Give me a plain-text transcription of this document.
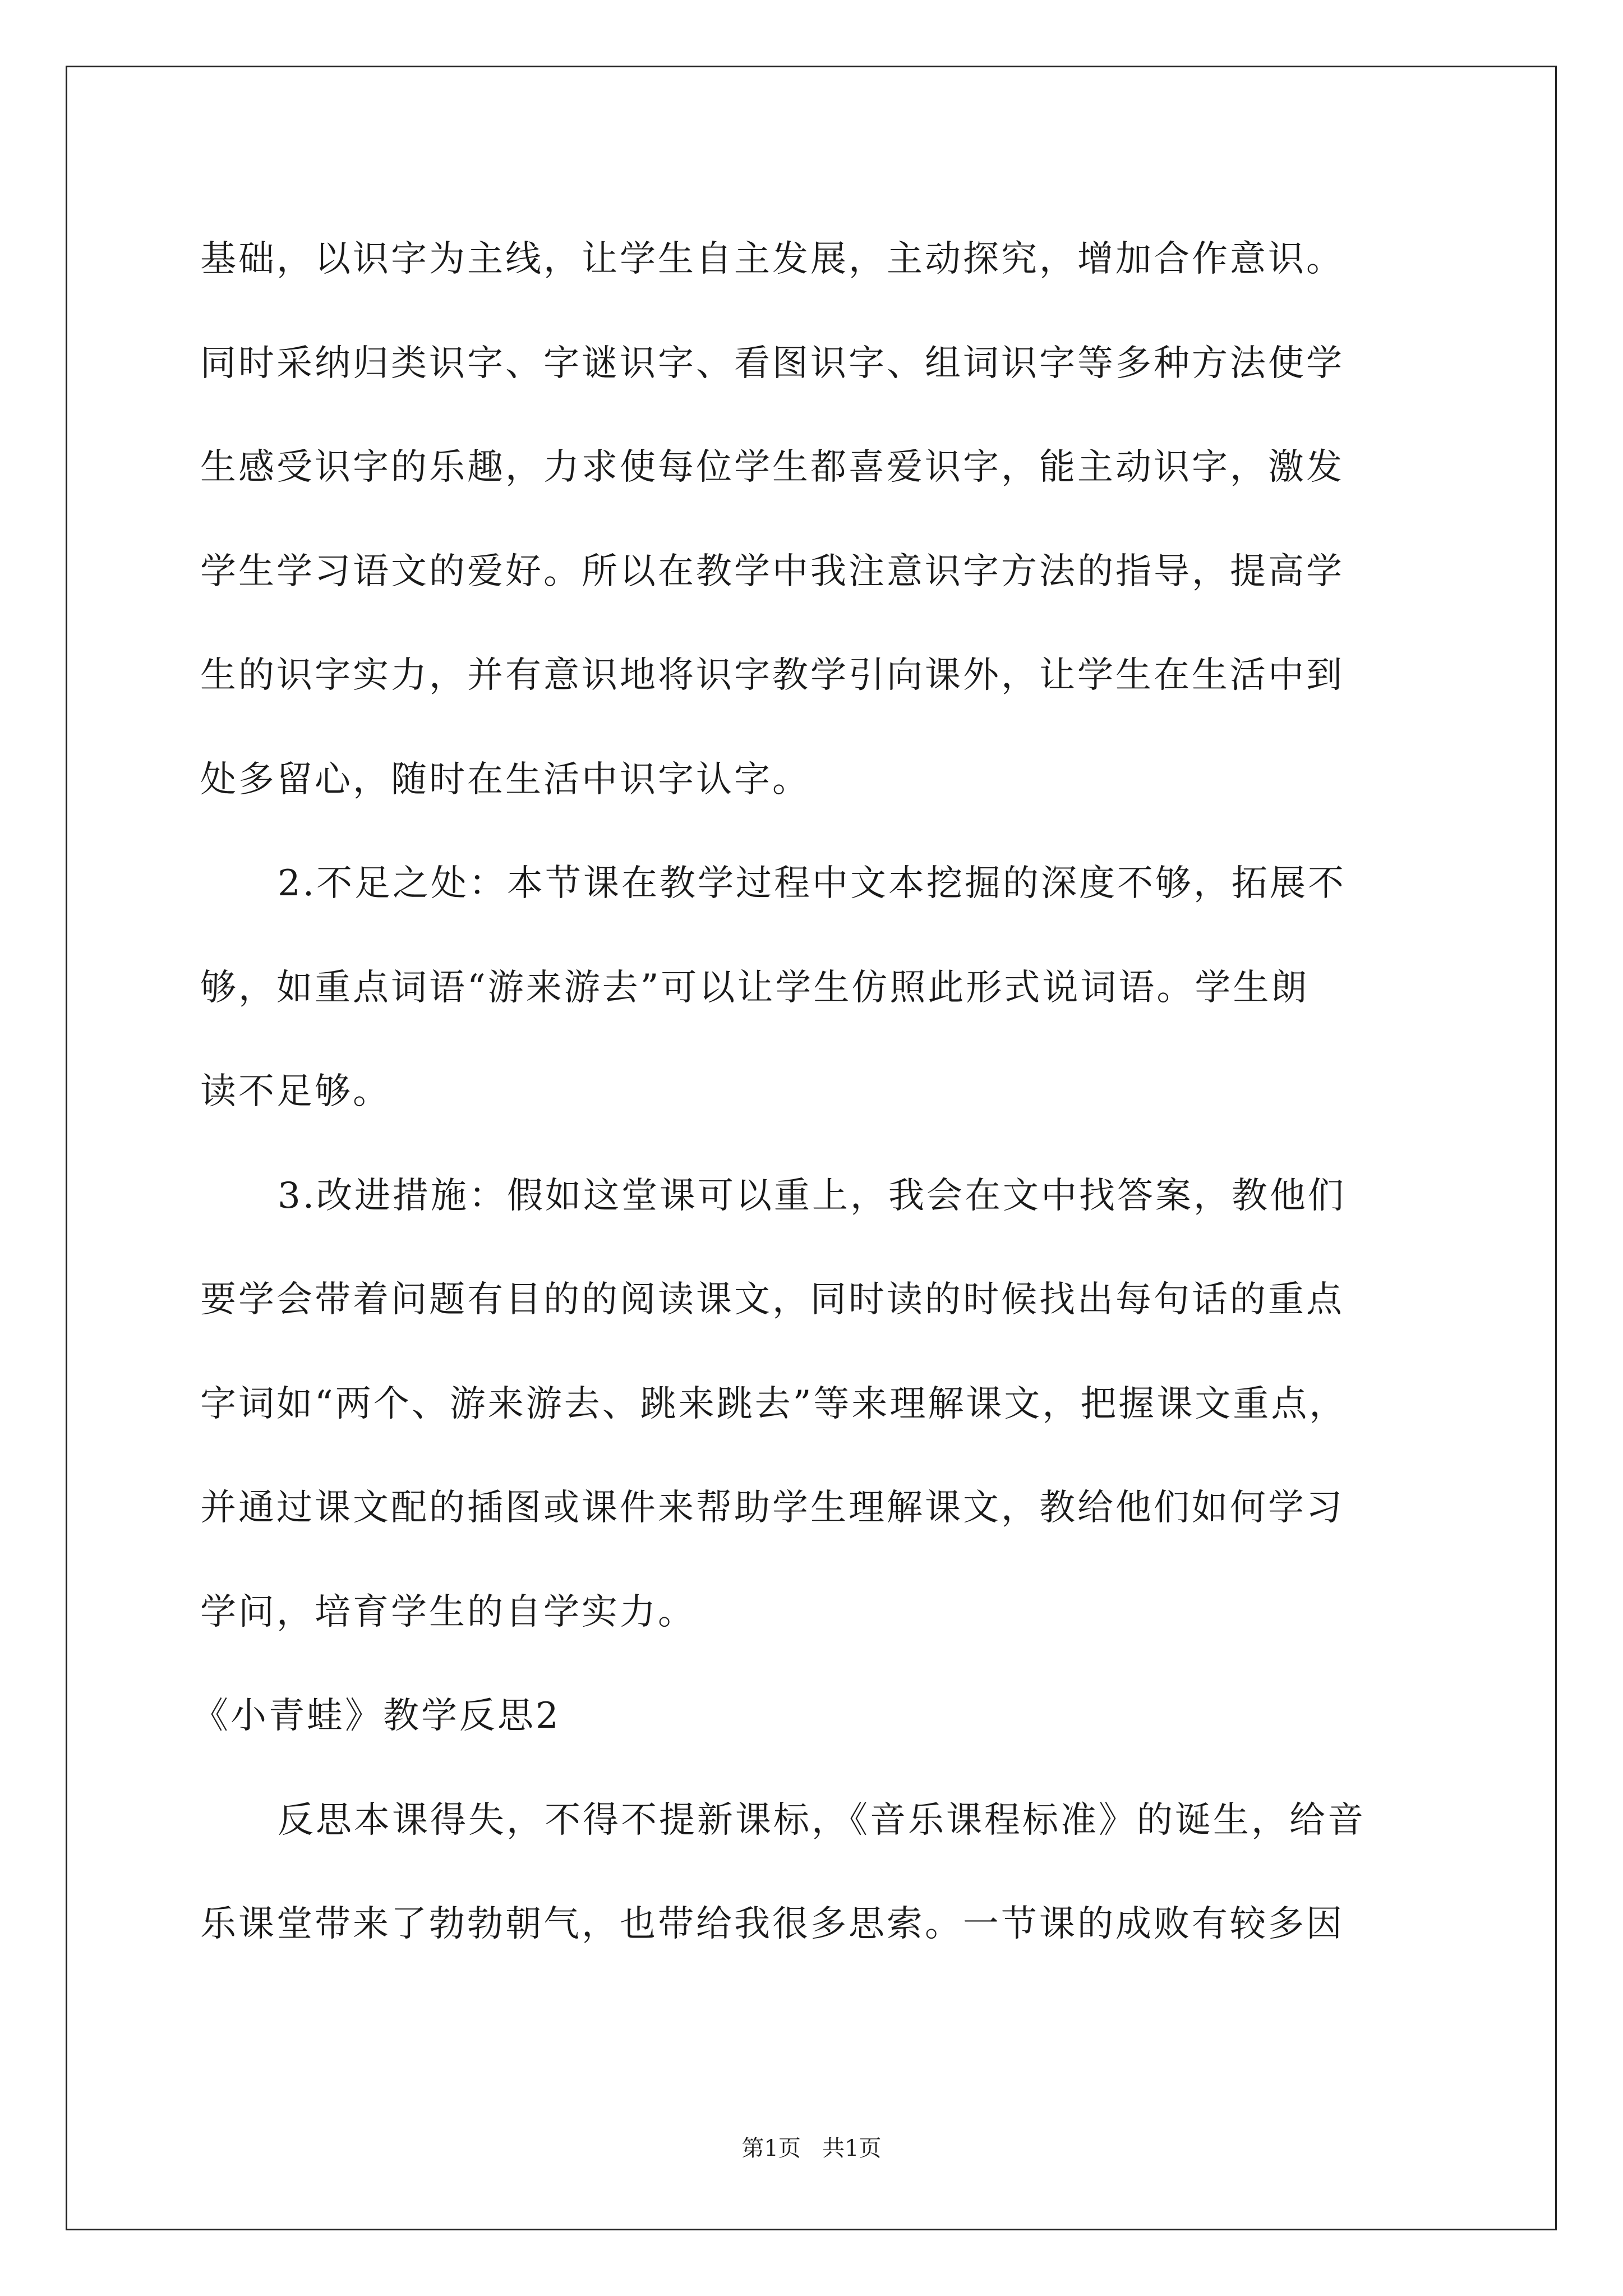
基础，以识字为主线，让学生自主发展，主动探究，增加合作意识。
同时采纳归类识字、字谜识字、看图识字、组词识字等多种方法使学
生感受识字的乐趣，力求使每位学生都喜爱识字，能主动识字，激发
学生学习语文的爱好。所以在教学中我注意识字方法的指导，提高学
生的识字实力，并有意识地将识字教学引向课外，让学生在生活中到
处多留心，随时在生活中识字认字。
2.不足之处：本节课在教学过程中文本挖掘的深度不够，拓展不
够，如重点词语“游来游去”可以让学生仿照此形式说词语。学生朗
读不足够。
3.改进措施：假如这堂课可以重上，我会在文中找答案，教他们
要学会带着问题有目的的阅读课文，同时读的时候找出每句话的重点
字词如“两个、游来游去、跳来跳去”等来理解课文，把握课文重点，
并通过课文配的插图或课件来帮助学生理解课文，教给他们如何学习
学问，培育学生的自学实力。
《小青蛙》教学反思2
反思本课得失，不得不提新课标，《音乐课程标准》的诞生，给音
乐课堂带来了勃勃朝气，也带给我很多思索。一节课的成败有较多因
第1页 共1页
